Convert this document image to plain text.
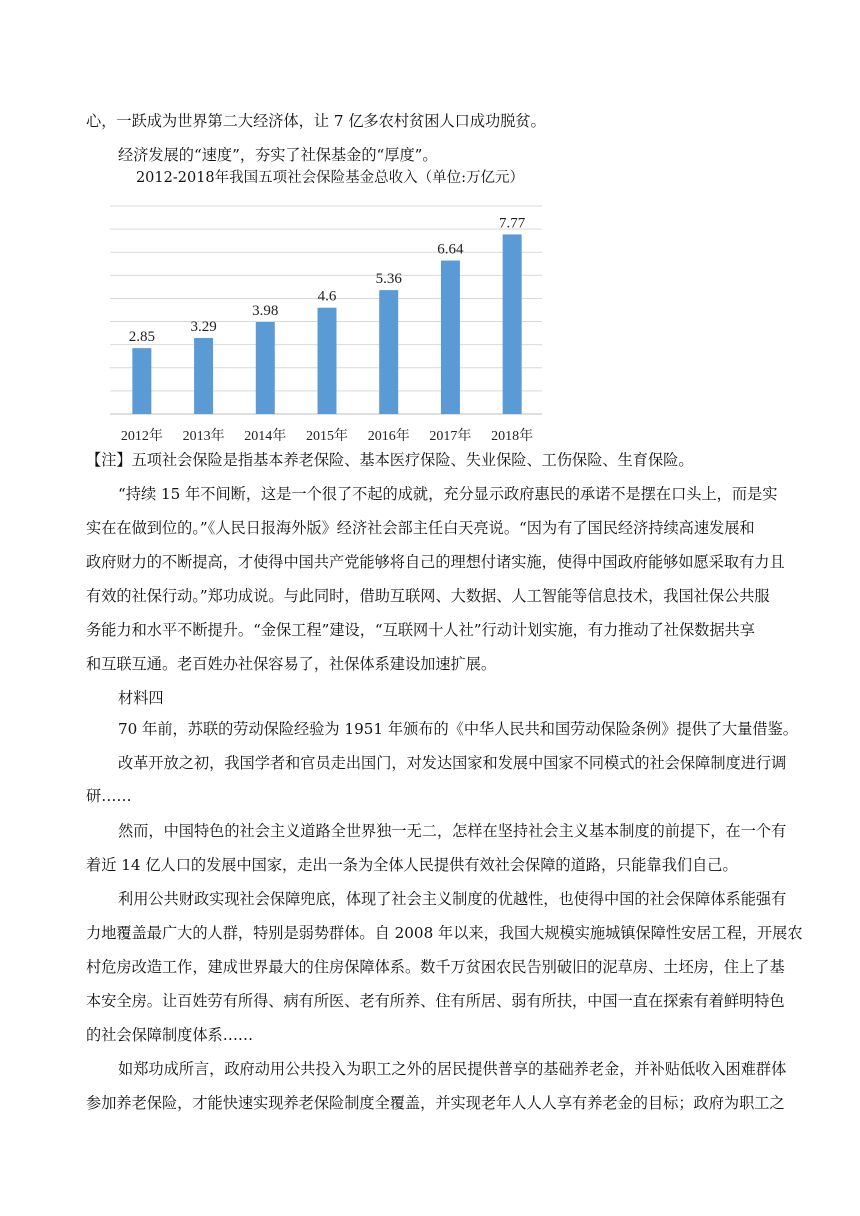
心，一跃成为世界第二大经济体，让 7 亿多农村贫困人口成功脱贫。
经济发展的“速度”，夯实了社保基金的“厚度”。
2012-2018年我国五项社会保险基金总收入（单位:万亿元）
2.85
2012年
3.29
2013年
3.98
2014年
4.6
2015年
5.36
2016年
6.64
2017年
7.77
2018年
【注】五项社会保险是指基本养老保险、基本医疗保险、失业保险、工伤保险、生育保险。
“持续 15 年不间断，这是一个很了不起的成就，充分显示政府惠民的承诺不是摆在口头上，而是实
实在在做到位的。”《人民日报海外版》经济社会部主任白天亮说。“因为有了国民经济持续高速发展和
政府财力的不断提高，才使得中国共产党能够将自己的理想付诸实施，使得中国政府能够如愿采取有力且
有效的社保行动。”郑功成说。与此同时，借助互联网、大数据、人工智能等信息技术，我国社保公共服
务能力和水平不断提升。“金保工程”建设，“互联网十人社”行动计划实施，有力推动了社保数据共享
和互联互通。老百姓办社保容易了，社保体系建设加速扩展。
材料四
70 年前，苏联的劳动保险经验为 1951 年颁布的《中华人民共和国劳动保险条例》提供了大量借鉴。
改革开放之初，我国学者和官员走出国门，对发达国家和发展中国家不同模式的社会保障制度进行调
研……
然而，中国特色的社会主义道路全世界独一无二，怎样在坚持社会主义基本制度的前提下，在一个有
着近 14 亿人口的发展中国家，走出一条为全体人民提供有效社会保障的道路，只能靠我们自己。
利用公共财政实现社会保障兜底，体现了社会主义制度的优越性，也使得中国的社会保障体系能强有
力地覆盖最广大的人群，特别是弱势群体。自 2008 年以来，我国大规模实施城镇保障性安居工程，开展农
村危房改造工作，建成世界最大的住房保障体系。数千万贫困农民告别破旧的泥草房、土坯房，住上了基
本安全房。让百姓劳有所得、病有所医、老有所养、住有所居、弱有所扶，中国一直在探索有着鲜明特色
的社会保障制度体系……
如郑功成所言，政府动用公共投入为职工之外的居民提供普享的基础养老金，并补贴低收入困难群体
参加养老保险，才能快速实现养老保险制度全覆盖，并实现老年人人人享有养老金的目标；政府为职工之
